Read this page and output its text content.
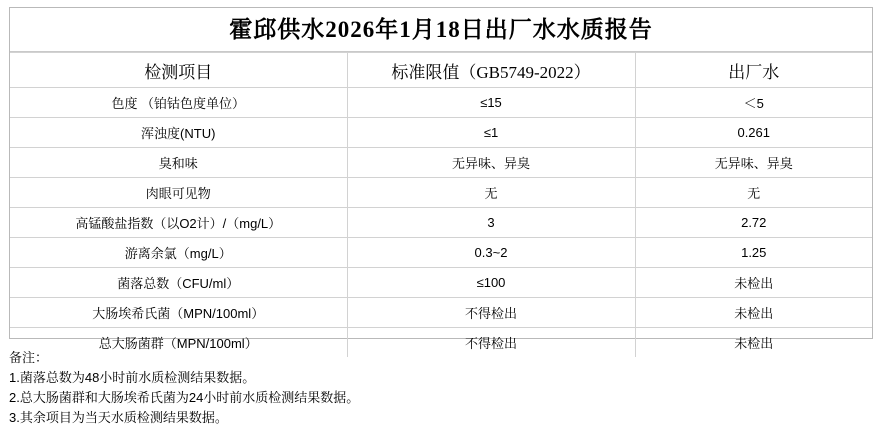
霍邱供水2026年1月18日出厂水水质报告
检测项目	标准限值（GB5749-2022）	出厂水
色度 （铂钴色度单位）	≤15	＜5
浑浊度(NTU)	≤1	0.261
臭和味	无异味、异臭	无异味、异臭
肉眼可见物	无	无
高锰酸盐指数（以O2计）/（mg/L）	3	2.72
游离余氯（mg/L）	0.3~2	1.25
菌落总数（CFU/ml）	≤100	未检出
大肠埃希氏菌（MPN/100ml）	不得检出	未检出
总大肠菌群（MPN/100ml）	不得检出	未检出
备注：
1.菌落总数为48小时前水质检测结果数据。
2.总大肠菌群和大肠埃希氏菌为24小时前水质检测结果数据。
3.其余项目为当天水质检测结果数据。
